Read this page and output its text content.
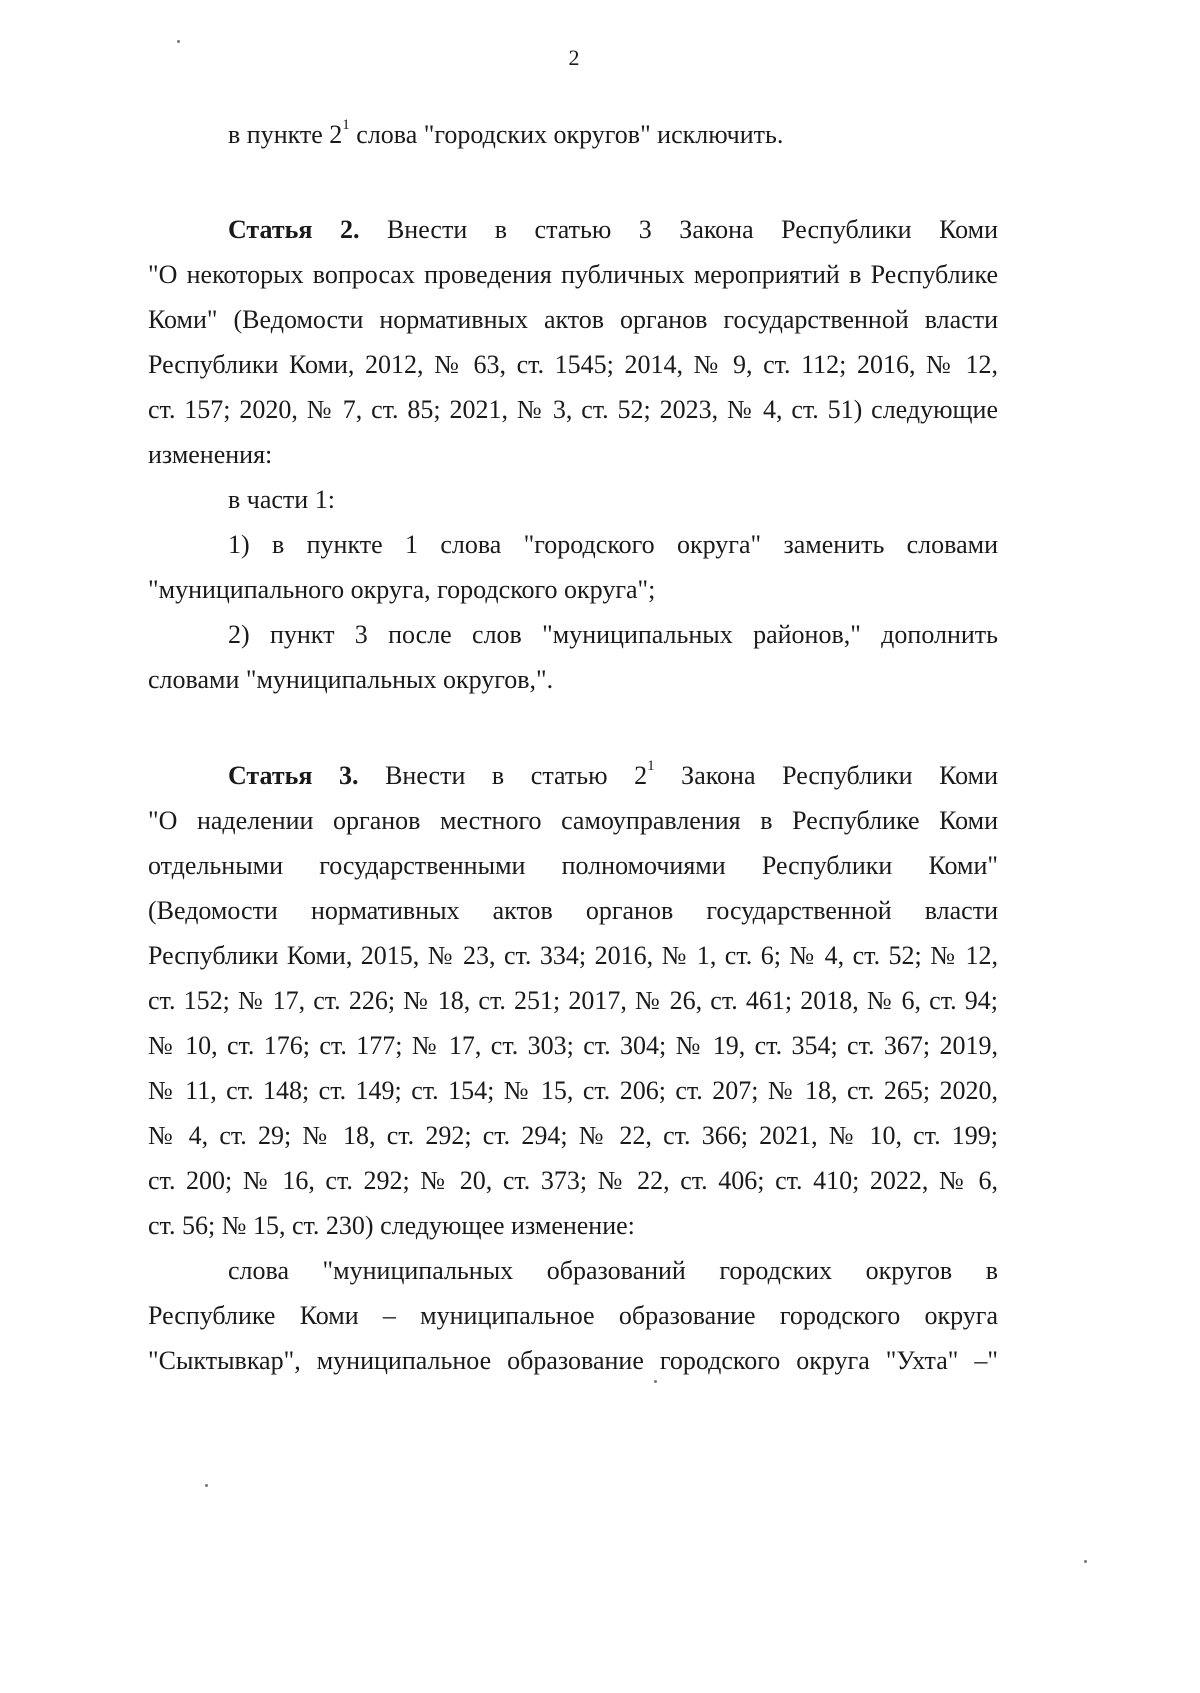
2
в пункте $2^1$ слова "городских округов" исключить.
Статья 2. Внести в статью 3 Закона Республики Коми
"О некоторых вопросах проведения публичных мероприятий в Республике
Коми" (Ведомости нормативных актов органов государственной власти
Республики Коми, 2012, № 63, ст. 1545; 2014, № 9, ст. 112; 2016, № 12,
ст. 157; 2020, № 7, ст. 85; 2021, № 3, ст. 52; 2023, № 4, ст. 51) следующие
изменения:
в части 1:
1) в пункте 1 слова "городского округа" заменить словами
"муниципального округа, городского округа";
2) пункт 3 после слов "муниципальных районов," дополнить
словами "муниципальных округов,".
Статья 3. Внести в статью $2^1$ Закона Республики Коми
"О наделении органов местного самоуправления в Республике Коми
отдельными государственными полномочиями Республики Коми"
(Ведомости нормативных актов органов государственной власти
Республики Коми, 2015, № 23, ст. 334; 2016, № 1, ст. 6; № 4, ст. 52; № 12,
ст. 152; № 17, ст. 226; № 18, ст. 251; 2017, № 26, ст. 461; 2018, № 6, ст. 94;
№ 10, ст. 176; ст. 177; № 17, ст. 303; ст. 304; № 19, ст. 354; ст. 367; 2019,
№ 11, ст. 148; ст. 149; ст. 154; № 15, ст. 206; ст. 207; № 18, ст. 265; 2020,
№ 4, ст. 29; № 18, ст. 292; ст. 294; № 22, ст. 366; 2021, № 10, ст. 199;
ст. 200; № 16, ст. 292; № 20, ст. 373; № 22, ст. 406; ст. 410; 2022, № 6,
ст. 56; № 15, ст. 230) следующее изменение:
слова "муниципальных образований городских округов в
Республике Коми – муниципальное образование городского округа
"Сыктывкар", муниципальное образование городского округа "Ухта" –"
